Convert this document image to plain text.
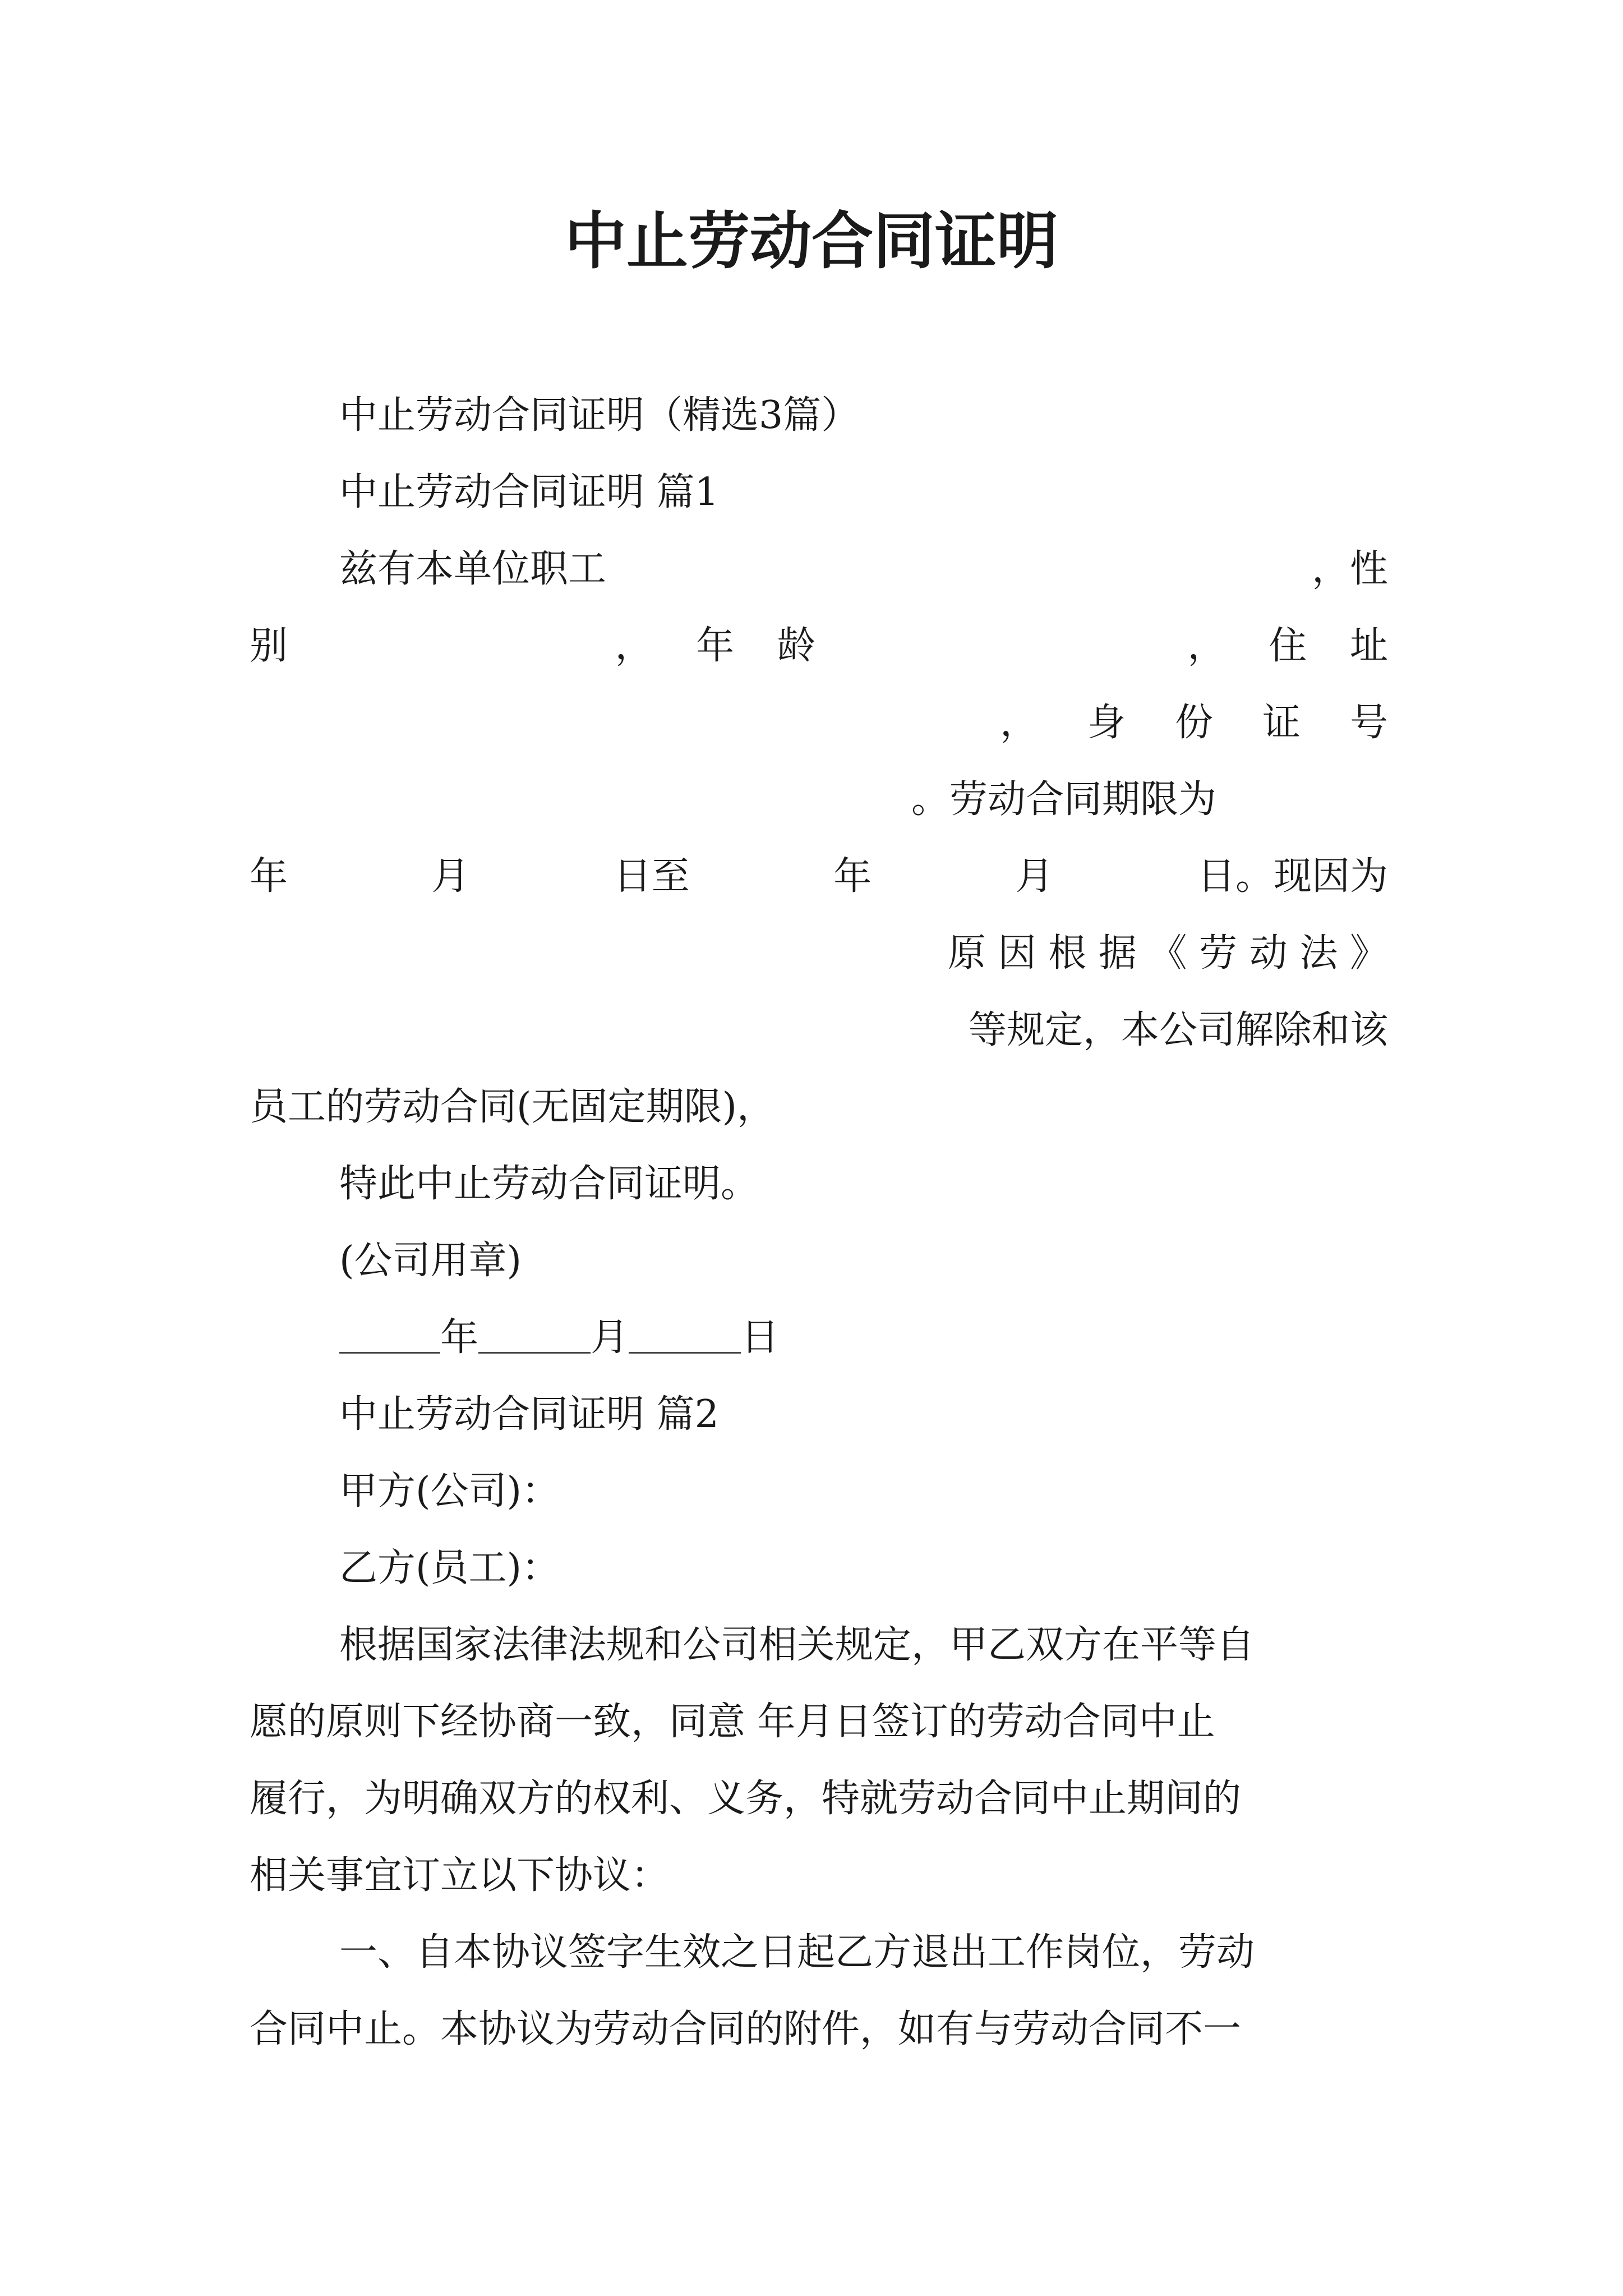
中止劳动合同证明
中止劳动合同证明（精选3篇）
中止劳动合同证明 篇1
兹有本单位职工	，性
别	， 年 龄	， 住 址
， 身 份 证 号
。劳动合同期限为
年	月	日至	年	月	日。现因为
原 因 根 据 《 劳 动 法 》
等规定，本公司解除和该
员工的劳动合同(无固定期限)，
特此中止劳动合同证明。
(公司用章)
年	月	日
中止劳动合同证明 篇2
甲方(公司)：
乙方(员工)：
根据国家法律法规和公司相关规定，甲乙双方在平等自
愿的原则下经协商一致，同意 年月日签订的劳动合同中止
履行，为明确双方的权利、义务，特就劳动合同中止期间的
相关事宜订立以下协议：
一、自本协议签字生效之日起乙方退出工作岗位，劳动
合同中止。本协议为劳动合同的附件，如有与劳动合同不一
